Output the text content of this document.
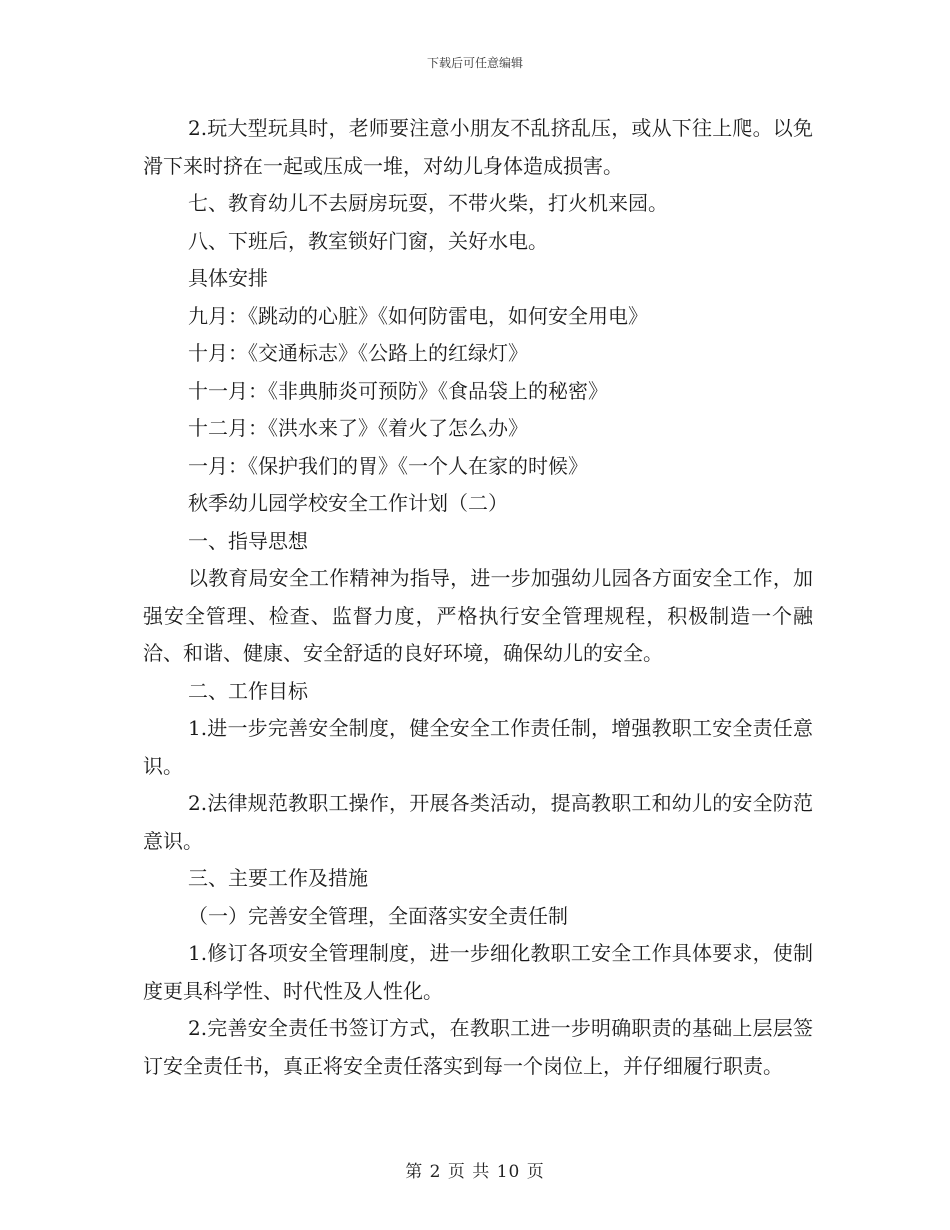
下载后可任意编辑

2.玩大型玩具时，老师要注意小朋友不乱挤乱压，或从下往上爬。以免滑下来时挤在一起或压成一堆，对幼儿身体造成损害。

七、教育幼儿不去厨房玩耍，不带火柴，打火机来园。

八、下班后，教室锁好门窗，关好水电。

具体安排

九月：《跳动的心脏》《如何防雷电，如何安全用电》

十月：《交通标志》《公路上的红绿灯》

十一月：《非典肺炎可预防》《食品袋上的秘密》

十二月：《洪水来了》《着火了怎么办》

一月：《保护我们的胃》《一个人在家的时候》

秋季幼儿园学校安全工作计划（二）

一、指导思想

以教育局安全工作精神为指导，进一步加强幼儿园各方面安全工作，加强安全管理、检查、监督力度，严格执行安全管理规程，积极制造一个融洽、和谐、健康、安全舒适的良好环境，确保幼儿的安全。

二、工作目标

1.进一步完善安全制度，健全安全工作责任制，增强教职工安全责任意识。

2.法律规范教职工操作，开展各类活动，提高教职工和幼儿的安全防范意识。

三、主要工作及措施

（一）完善安全管理，全面落实安全责任制

1.修订各项安全管理制度，进一步细化教职工安全工作具体要求，使制度更具科学性、时代性及人性化。

2.完善安全责任书签订方式，在教职工进一步明确职责的基础上层层签订安全责任书，真正将安全责任落实到每一个岗位上，并仔细履行职责。

第 2 页 共 10 页
